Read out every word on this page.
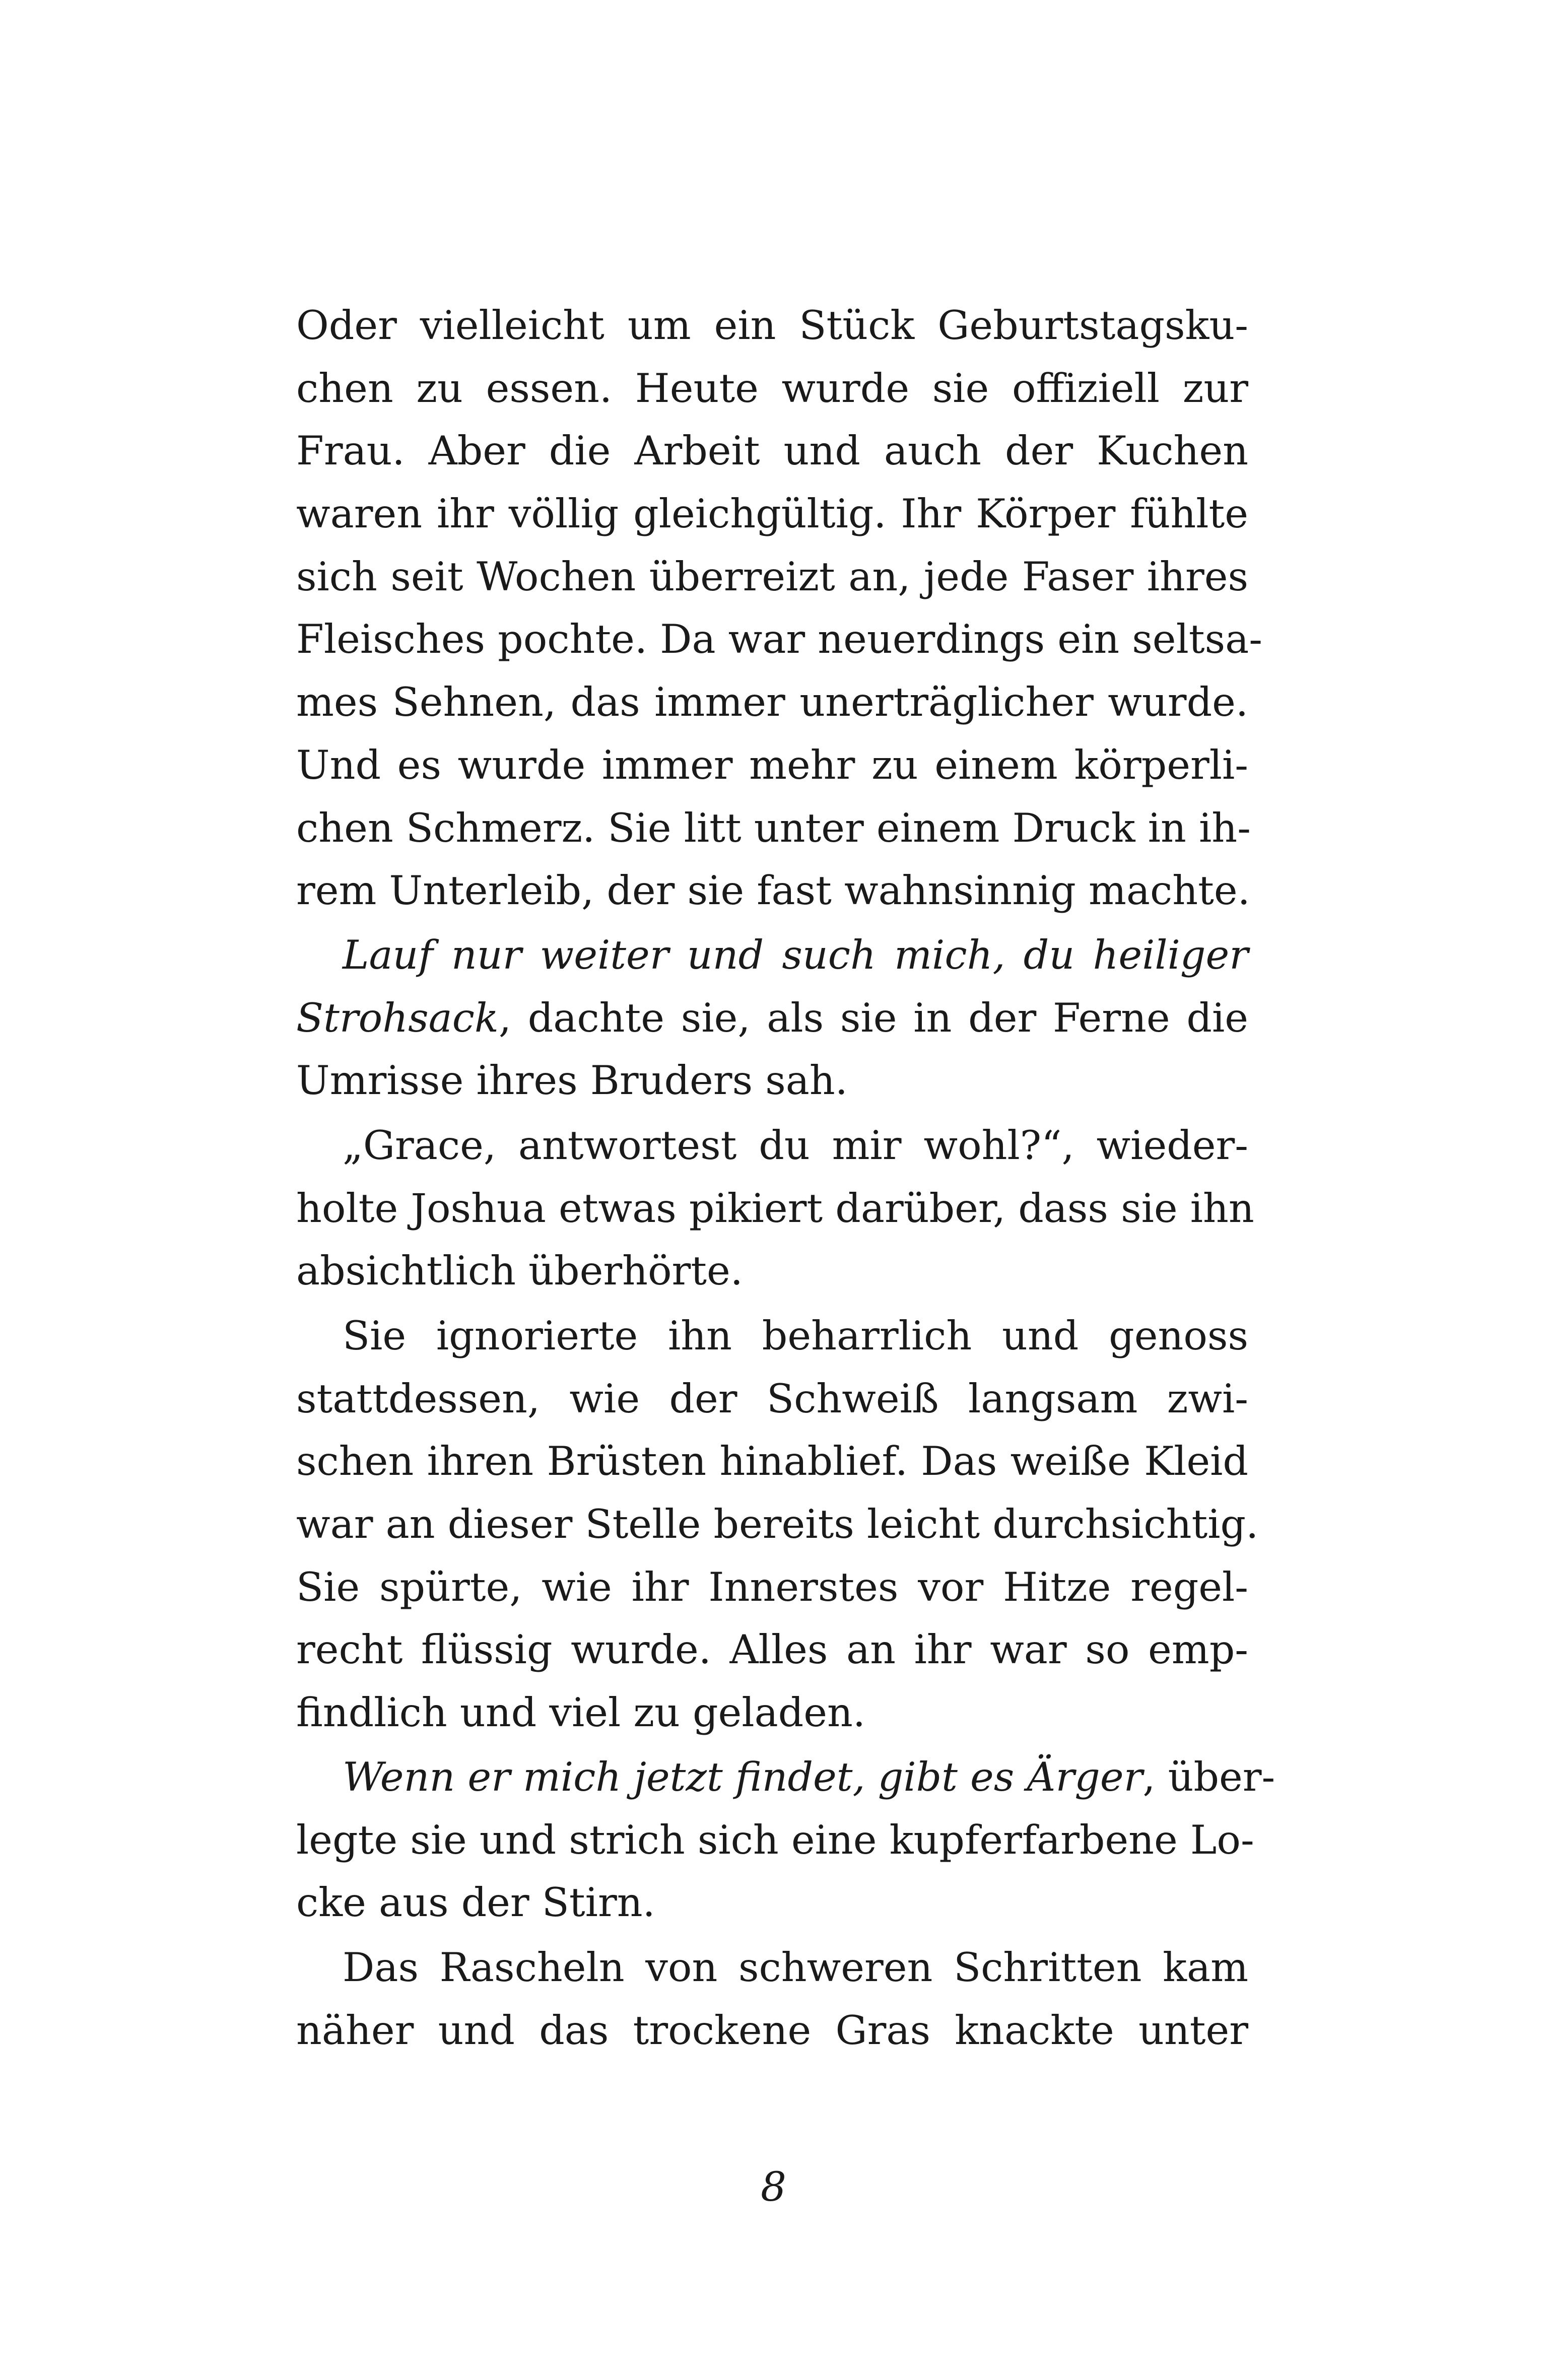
Oder vielleicht um ein Stück Geburtstagsku-
chen zu essen. Heute wurde sie offiziell zur
Frau. Aber die Arbeit und auch der Kuchen
waren ihr völlig gleichgültig. Ihr Körper fühlte
sich seit Wochen überreizt an, jede Faser ihres
Fleisches pochte. Da war neuerdings ein seltsa-
mes Sehnen, das immer unerträglicher wurde.
Und es wurde immer mehr zu einem körperli-
chen Schmerz. Sie litt unter einem Druck in ih-
rem Unterleib, der sie fast wahnsinnig machte.
Lauf nur weiter und such mich, du heiliger
Strohsack, dachte sie, als sie in der Ferne die
Umrisse ihres Bruders sah.
„Grace, antwortest du mir wohl?“, wieder-
holte Joshua etwas pikiert darüber, dass sie ihn
absichtlich überhörte.
Sie ignorierte ihn beharrlich und genoss
stattdessen, wie der Schweiß langsam zwi-
schen ihren Brüsten hinablief. Das weiße Kleid
war an dieser Stelle bereits leicht durchsichtig.
Sie spürte, wie ihr Innerstes vor Hitze regel-
recht flüssig wurde. Alles an ihr war so emp-
findlich und viel zu geladen.
Wenn er mich jetzt findet, gibt es Ärger, über-
legte sie und strich sich eine kupferfarbene Lo-
cke aus der Stirn.
Das Rascheln von schweren Schritten kam
näher und das trockene Gras knackte unter
8
